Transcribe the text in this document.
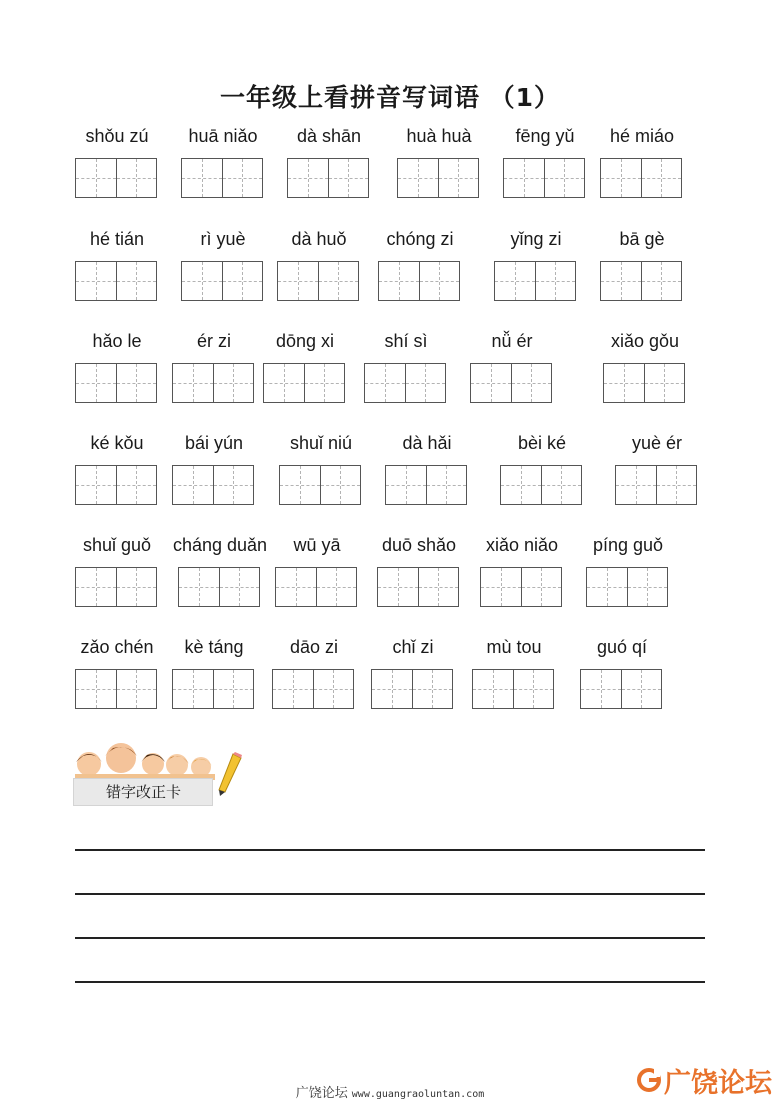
一年级上看拼音写词语 （1）
shǒu zú	huā niǎo	dà shān	huà huà	fēng yǔ	hé miáo
hé tián	rì yuè	dà huǒ	chóng zi	yǐng zi	bā gè
hǎo le	ér zi	dōng xi	shí sì	nǚ ér	xiǎo gǒu
ké kǒu	bái yún	shuǐ niú	dà hǎi	bèi ké	yuè ér
shuǐ guǒ	cháng duǎn	wū yā	duō shǎo	xiǎo niǎo	píng guǒ
zǎo chén	kè táng	dāo zi	chǐ zi	mù tou	guó qí
错字改正卡
广饶论坛 www.guangraoluntan.com	广饶论坛
